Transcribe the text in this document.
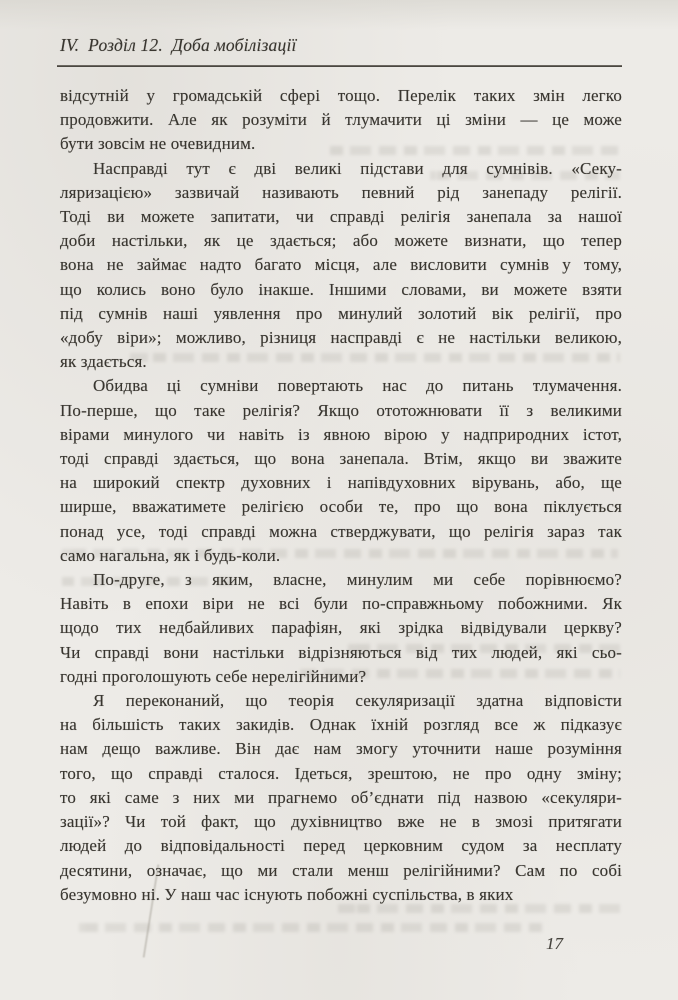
IV. Розділ 12. Доба мобілізації
відсутній у громадській сфері тощо. Перелік таких змін легко
продовжити. Але як розуміти й тлумачити ці зміни — це може
бути зовсім не очевидним.
Насправді тут є дві великі підстави для сумнівів. «Секу-
ляризацією» зазвичай називають певний рід занепаду релігії.
Тоді ви можете запитати, чи справді релігія занепала за нашої
доби настільки, як це здається; або можете визнати, що тепер
вона не займає надто багато місця, але висловити сумнів у тому,
що колись воно було інакше. Іншими словами, ви можете взяти
під сумнів наші уявлення про минулий золотий вік релігії, про
«добу віри»; можливо, різниця насправді є не настільки великою,
як здається.
Обидва ці сумніви повертають нас до питань тлумачення.
По-перше, що таке релігія? Якщо ототожнювати її з великими
вірами минулого чи навіть із явною вірою у надприродних істот,
тоді справді здається, що вона занепала. Втім, якщо ви зважите
на широкий спектр духовних і напівдуховних вірувань, або, ще
ширше, вважатимете релігією особи те, про що вона піклується
понад усе, тоді справді можна стверджувати, що релігія зараз так
само нагальна, як і будь-коли.
По-друге, з яким, власне, минулим ми себе порівнюємо?
Навіть в епохи віри не всі були по-справжньому побожними. Як
щодо тих недбайливих парафіян, які зрідка відвідували церкву?
Чи справді вони настільки відрізняються від тих людей, які сьо-
годні проголошують себе нерелігійними?
Я переконаний, що теорія секуляризації здатна відповісти
на більшість таких закидів. Однак їхній розгляд все ж підказує
нам дещо важливе. Він дає нам змогу уточнити наше розуміння
того, що справді сталося. Ідеться, зрештою, не про одну зміну;
то які саме з них ми прагнемо об’єднати під назвою «секуляри-
зації»? Чи той факт, що духівництво вже не в змозі притягати
людей до відповідальності перед церковним судом за несплату
десятини, означає, що ми стали менш релігійними? Сам по собі
безумовно ні. У наш час існують побожні суспільства, в яких
17
